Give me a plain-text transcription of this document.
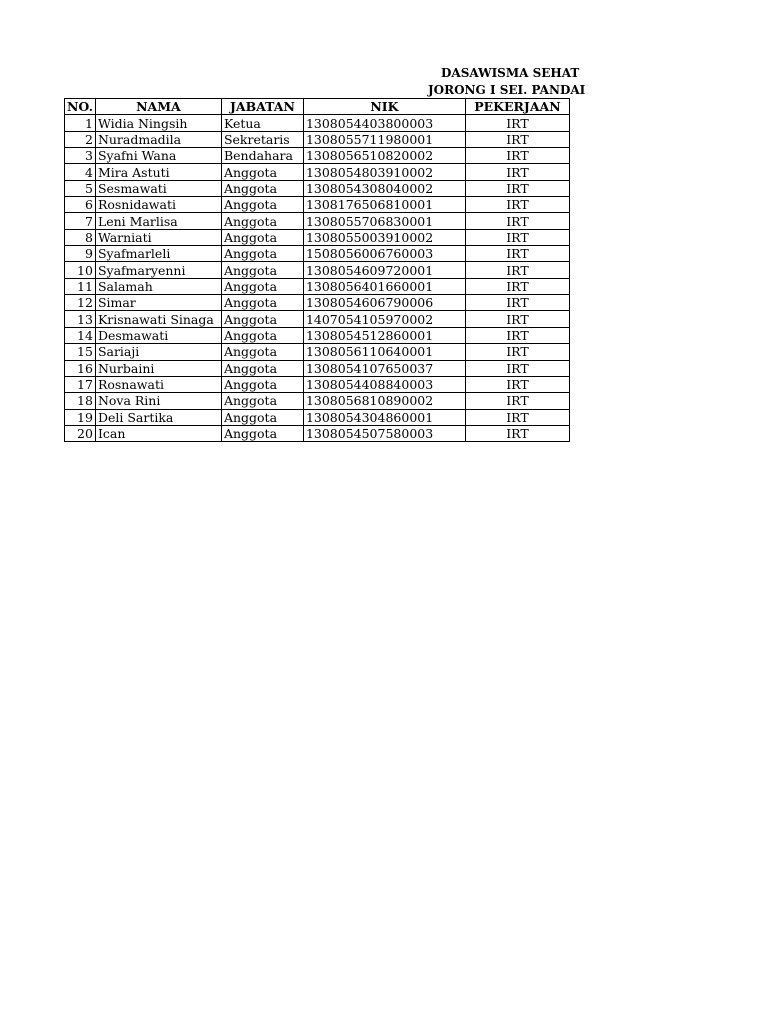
DASAWISMA SEHAT
JORONG I SEI. PANDAI
NO.	NAMA	JABATAN	NIK	PEKERJAAN
1	Widia Ningsih	Ketua	1308054403800003	IRT
2	Nuradmadila	Sekretaris	1308055711980001	IRT
3	Syafni Wana	Bendahara	1308056510820002	IRT
4	Mira Astuti	Anggota	1308054803910002	IRT
5	Sesmawati	Anggota	1308054308040002	IRT
6	Rosnidawati	Anggota	1308176506810001	IRT
7	Leni Marlisa	Anggota	1308055706830001	IRT
8	Warniati	Anggota	1308055003910002	IRT
9	Syafmarleli	Anggota	1508056006760003	IRT
10	Syafmaryenni	Anggota	1308054609720001	IRT
11	Salamah	Anggota	1308056401660001	IRT
12	Simar	Anggota	1308054606790006	IRT
13	Krisnawati Sinaga	Anggota	1407054105970002	IRT
14	Desmawati	Anggota	1308054512860001	IRT
15	Sariaji	Anggota	1308056110640001	IRT
16	Nurbaini	Anggota	1308054107650037	IRT
17	Rosnawati	Anggota	1308054408840003	IRT
18	Nova Rini	Anggota	1308056810890002	IRT
19	Deli Sartika	Anggota	1308054304860001	IRT
20	Ican	Anggota	1308054507580003	IRT
